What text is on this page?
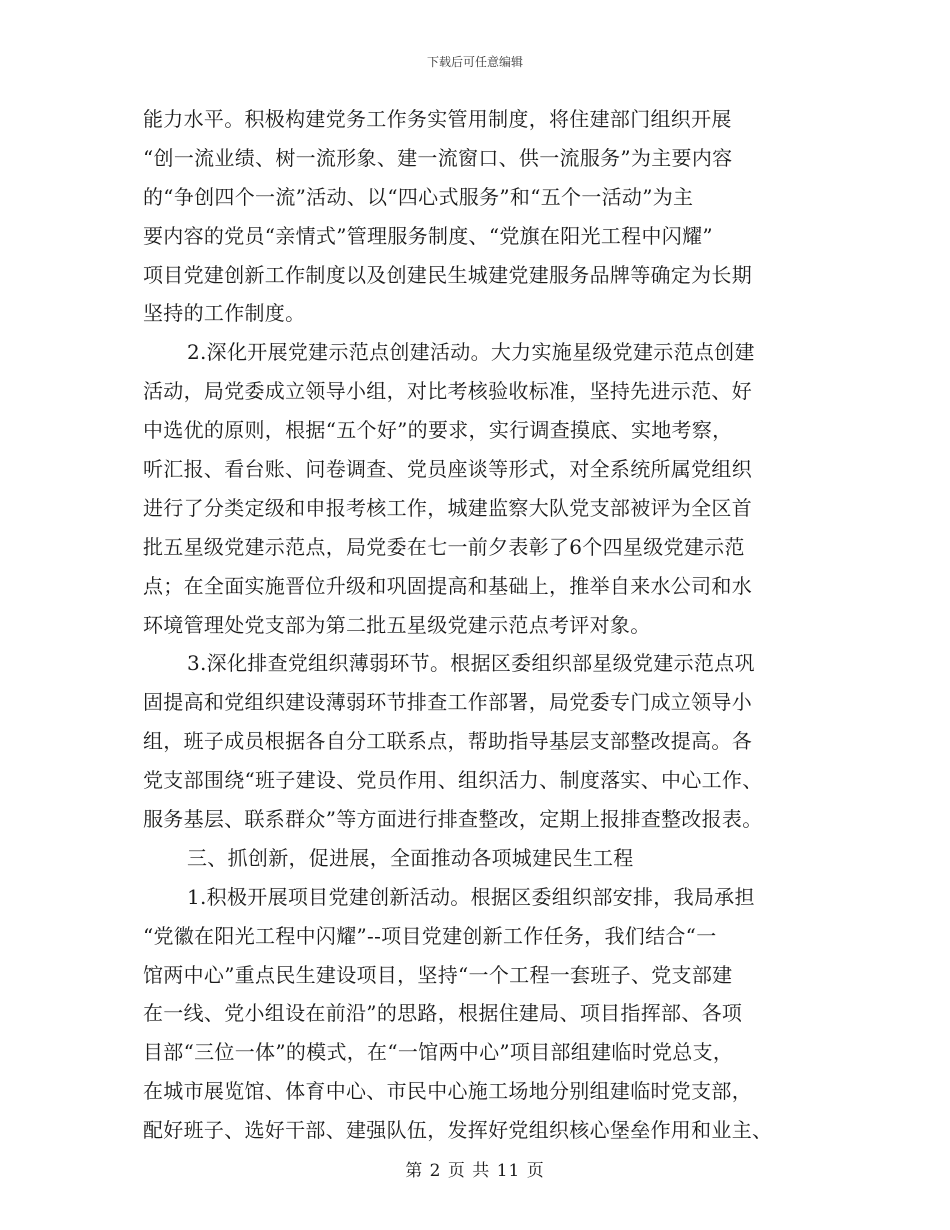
下载后可任意编辑
能力水平。积极构建党务工作务实管用制度，将住建部门组织开展
“创一流业绩、树一流形象、建一流窗口、供一流服务”为主要内容
的“争创四个一流”活动、以“四心式服务”和“五个一活动”为主
要内容的党员“亲情式”管理服务制度、“党旗在阳光工程中闪耀”
项目党建创新工作制度以及创建民生城建党建服务品牌等确定为长期
坚持的工作制度。
2.深化开展党建示范点创建活动。大力实施星级党建示范点创建
活动，局党委成立领导小组，对比考核验收标准，坚持先进示范、好
中选优的原则，根据“五个好”的要求，实行调查摸底、实地考察，
听汇报、看台账、问卷调查、党员座谈等形式，对全系统所属党组织
进行了分类定级和申报考核工作，城建监察大队党支部被评为全区首
批五星级党建示范点，局党委在七一前夕表彰了6个四星级党建示范
点；在全面实施晋位升级和巩固提高和基础上，推举自来水公司和水
环境管理处党支部为第二批五星级党建示范点考评对象。
3.深化排查党组织薄弱环节。根据区委组织部星级党建示范点巩
固提高和党组织建设薄弱环节排查工作部署，局党委专门成立领导小
组，班子成员根据各自分工联系点，帮助指导基层支部整改提高。各
党支部围绕“班子建设、党员作用、组织活力、制度落实、中心工作、
服务基层、联系群众”等方面进行排查整改，定期上报排查整改报表。
三、抓创新，促进展，全面推动各项城建民生工程
1.积极开展项目党建创新活动。根据区委组织部安排，我局承担
“党徽在阳光工程中闪耀”--项目党建创新工作任务，我们结合“一
馆两中心”重点民生建设项目，坚持“一个工程一套班子、党支部建
在一线、党小组设在前沿”的思路，根据住建局、项目指挥部、各项
目部“三位一体”的模式，在“一馆两中心”项目部组建临时党总支，
在城市展览馆、体育中心、市民中心施工场地分别组建临时党支部，
配好班子、选好干部、建强队伍，发挥好党组织核心堡垒作用和业主、
第 2 页 共 11 页
